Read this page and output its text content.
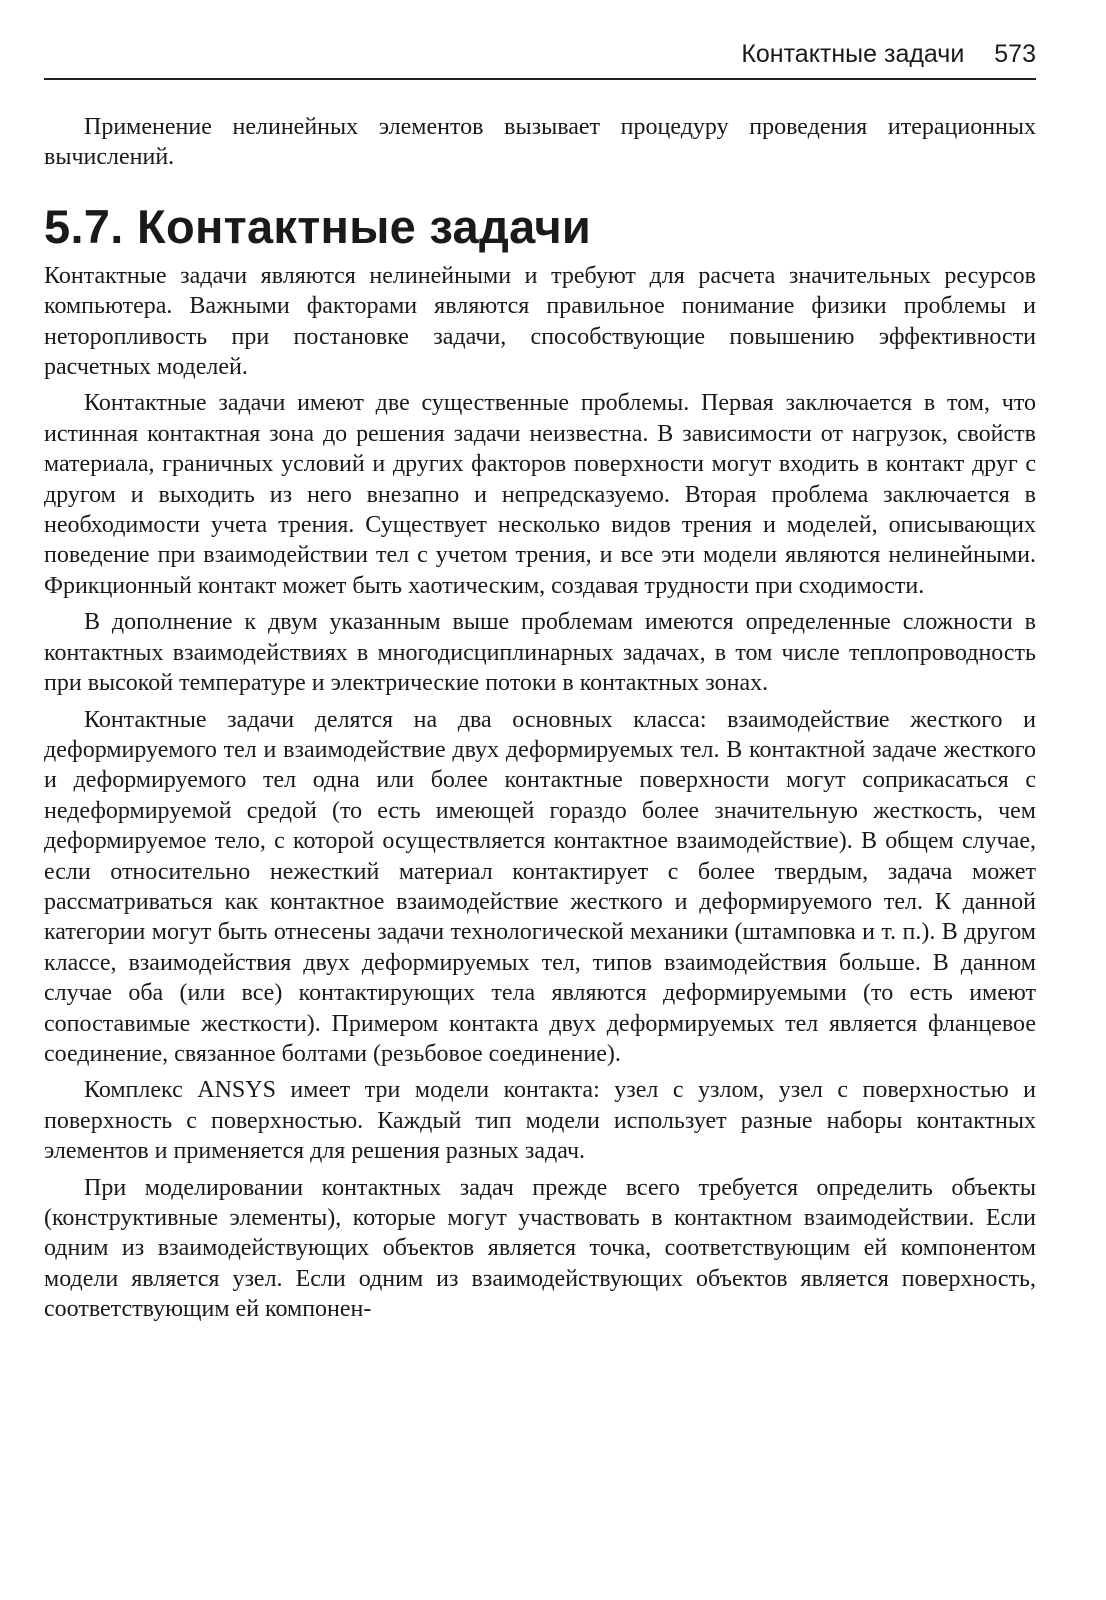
Контактные задачи 573

Применение нелинейных элементов вызывает процедуру проведения итерационных вычислений.

5.7. Контактные задачи

Контактные задачи являются нелинейными и требуют для расчета значительных ресурсов компьютера. Важными факторами являются правильное понимание физики проблемы и неторопливость при постановке задачи, способствующие повышению эффективности расчетных моделей.

Контактные задачи имеют две существенные проблемы. Первая заключается в том, что истинная контактная зона до решения задачи неизвестна. В зависимости от нагрузок, свойств материала, граничных условий и других факторов поверхности могут входить в контакт друг с другом и выходить из него внезапно и непредсказуемо. Вторая проблема заключается в необходимости учета трения. Существует несколько видов трения и моделей, описывающих поведение при взаимодействии тел с учетом трения, и все эти модели являются нелинейными. Фрикционный контакт может быть хаотическим, создавая трудности при сходимости.

В дополнение к двум указанным выше проблемам имеются определенные сложности в контактных взаимодействиях в многодисциплинарных задачах, в том числе теплопроводность при высокой температуре и электрические потоки в контактных зонах.

Контактные задачи делятся на два основных класса: взаимодействие жесткого и деформируемого тел и взаимодействие двух деформируемых тел. В контактной задаче жесткого и деформируемого тел одна или более контактные поверхности могут соприкасаться с недеформируемой средой (то есть имеющей гораздо более значительную жесткость, чем деформируемое тело, с которой осуществляется контактное взаимодействие). В общем случае, если относительно нежесткий материал контактирует с более твердым, задача может рассматриваться как контактное взаимодействие жесткого и деформируемого тел. К данной категории могут быть отнесены задачи технологической механики (штамповка и т. п.). В другом классе, взаимодействия двух деформируемых тел, типов взаимодействия больше. В данном случае оба (или все) контактирующих тела являются деформируемыми (то есть имеют сопоставимые жесткости). Примером контакта двух деформируемых тел является фланцевое соединение, связанное болтами (резьбовое соединение).

Комплекс ANSYS имеет три модели контакта: узел с узлом, узел с поверхностью и поверхность с поверхностью. Каждый тип модели использует разные наборы контактных элементов и применяется для решения разных задач.

При моделировании контактных задач прежде всего требуется определить объекты (конструктивные элементы), которые могут участвовать в контактном взаимодействии. Если одним из взаимодействующих объектов является точка, соответствующим ей компонентом модели является узел. Если одним из взаимодействующих объектов является поверхность, соответствующим ей компонен-
